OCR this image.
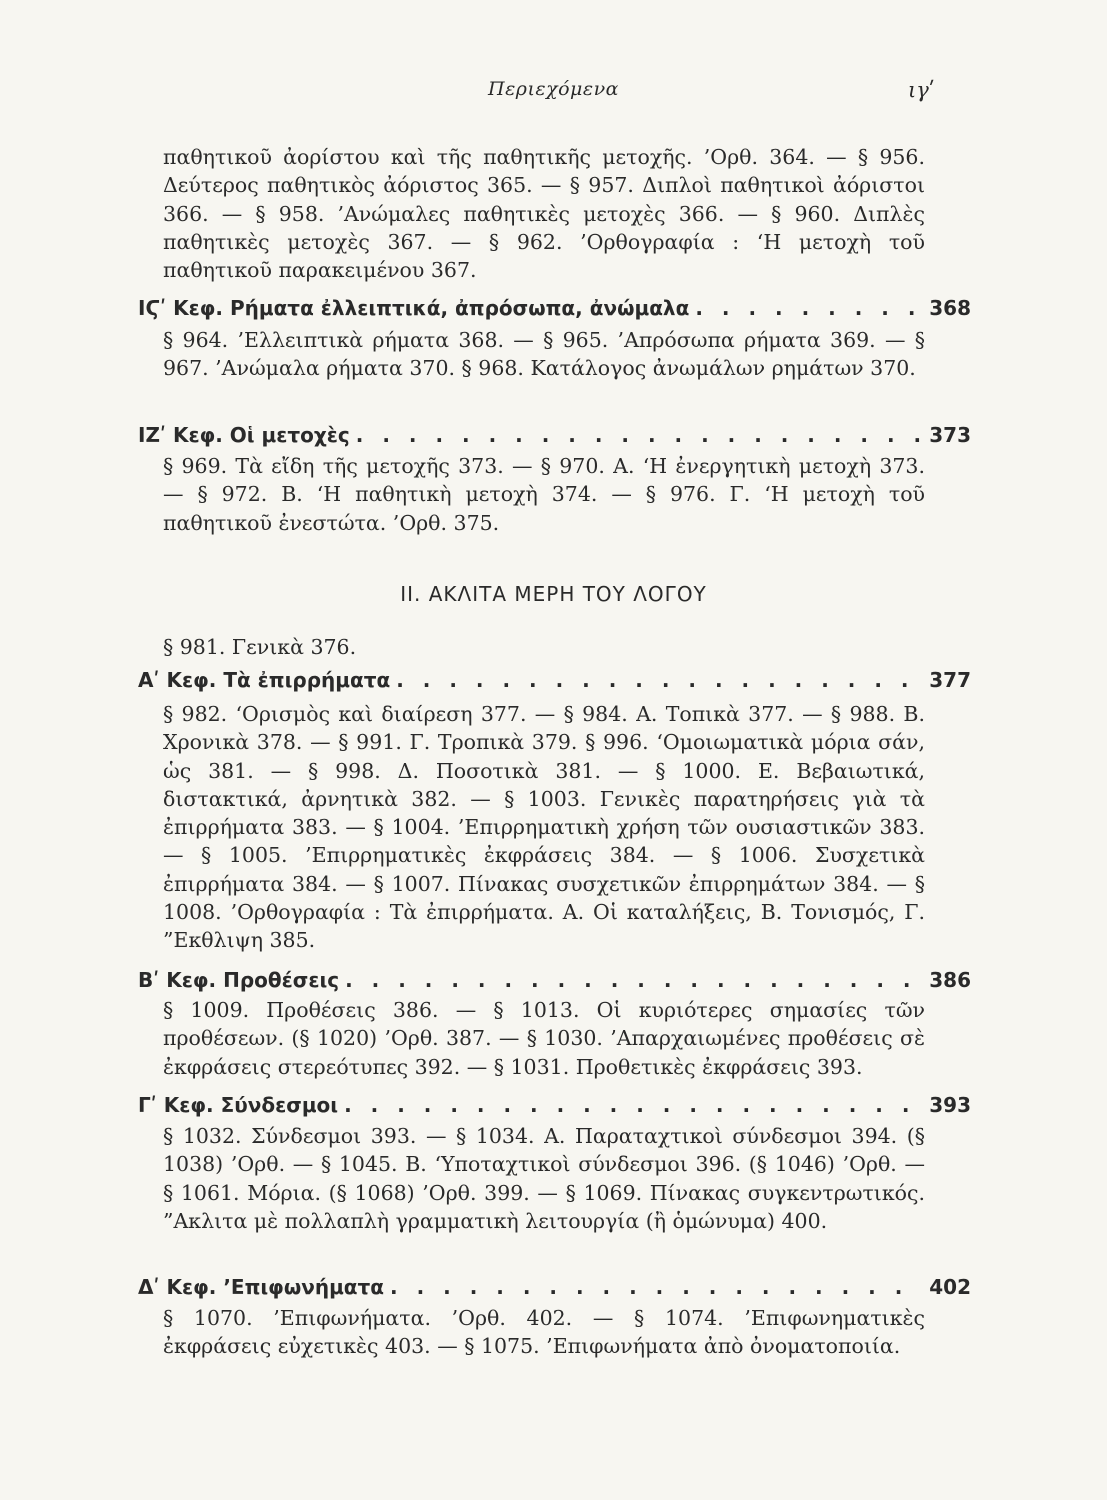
Περιεχόμενα	ιγʹ
παθητικοῦ ἀορίστου καὶ τῆς παθητικῆς μετοχῆς. ’Ορθ. 364. — § 956. Δεύτερος παθητικὸς ἀόριστος 365. — § 957. Διπλοὶ παθητικοὶ ἀόριστοι 366. — § 958. ’Ανώμαλες παθητικὲς μετοχὲς 366. — § 960. Διπλὲς παθητικὲς μετοχὲς 367. — § 962. ’Ορθογραφία : ‘Η μετοχὴ τοῦ παθητικοῦ παρακειμένου 367.
ΙϚʹ Κεφ. Ρήματα ἐλλειπτικά, ἀπρόσωπα, ἀνώμαλα . . .	368
§ 964. ’Ελλειπτικὰ ρήματα 368. — § 965. ’Απρόσωπα ρήματα 369. — § 967. ’Ανώμαλα ρήματα 370. § 968. Κατάλογος ἀνωμάλων ρημάτων 370.
ΙΖʹ Κεφ. Οἱ μετοχὲς . . .	373
§ 969. Τὰ εἴδη τῆς μετοχῆς 373. — § 970. Α. ‘Η ἐνεργητικὴ μετοχὴ 373. — § 972. Β. ‘Η παθητικὴ μετοχὴ 374. — § 976. Γ. ‘Η μετοχὴ τοῦ παθητικοῦ ἐνεστώτα. ’Ορθ. 375.
II. ΑΚΛΙΤΑ ΜΕΡΗ ΤΟΥ ΛΟΓΟΥ
§ 981. Γενικὰ 376.
Αʹ Κεφ. Τὰ ἐπιρρήματα . . .	377
§ 982. ‘Ορισμὸς καὶ διαίρεση 377. — § 984. Α. Τοπικὰ 377. — § 988. Β. Χρονικὰ 378. — § 991. Γ. Τροπικὰ 379. § 996. ‘Ομοιωματικὰ μόρια σάν, ὡς 381. — § 998. Δ. Ποσοτικὰ 381. — § 1000. Ε. Βεβαιωτικά, διστακτικά, ἀρνητικὰ 382. — § 1003. Γενικὲς παρατηρήσεις γιὰ τὰ ἐπιρρήματα 383. — § 1004. ’Επιρρηματικὴ χρήση τῶν ουσιαστικῶν 383. — § 1005. ’Επιρρηματικὲς ἐκφράσεις 384. — § 1006. Συσχετικὰ ἐπιρρήματα 384. — § 1007. Πίνακας συσχετικῶν ἐπιρρημάτων 384. — § 1008. ’Ορθογραφία : Τὰ ἐπιρρήματα. Α. Οἱ καταλήξεις, Β. Τονισμός, Γ. ”Εκθλιψη 385.
Βʹ Κεφ. Προθέσεις . . .	386
§ 1009. Προθέσεις 386. — § 1013. Οἱ κυριότερες σημασίες τῶν προθέσεων. (§ 1020) ’Ορθ. 387. — § 1030. ’Απαρχαιωμένες προθέσεις σὲ ἐκφράσεις στερεότυπες 392. — § 1031. Προθετικὲς ἐκφράσεις 393.
Γʹ Κεφ. Σύνδεσμοι . . .	393
§ 1032. Σύνδεσμοι 393. — § 1034. Α. Παραταχτικοὶ σύνδεσμοι 394. (§ 1038) ’Ορθ. — § 1045. Β. ‘Υποταχτικοὶ σύνδεσμοι 396. (§ 1046) ’Ορθ. — § 1061. Μόρια. (§ 1068) ’Ορθ. 399. — § 1069. Πίνακας συγκεντρωτικός. ”Ακλιτα μὲ πολλαπλὴ γραμματικὴ λειτουργία (ἢ ὁμώνυμα) 400.
Δʹ Κεφ. ’Επιφωνήματα . . .	402
§ 1070. ’Επιφωνήματα. ’Ορθ. 402. — § 1074. ’Επιφωνηματικὲς ἐκφράσεις εὐχετικὲς 403. — § 1075. ’Επιφωνήματα ἀπὸ ὀνοματοποιία.
